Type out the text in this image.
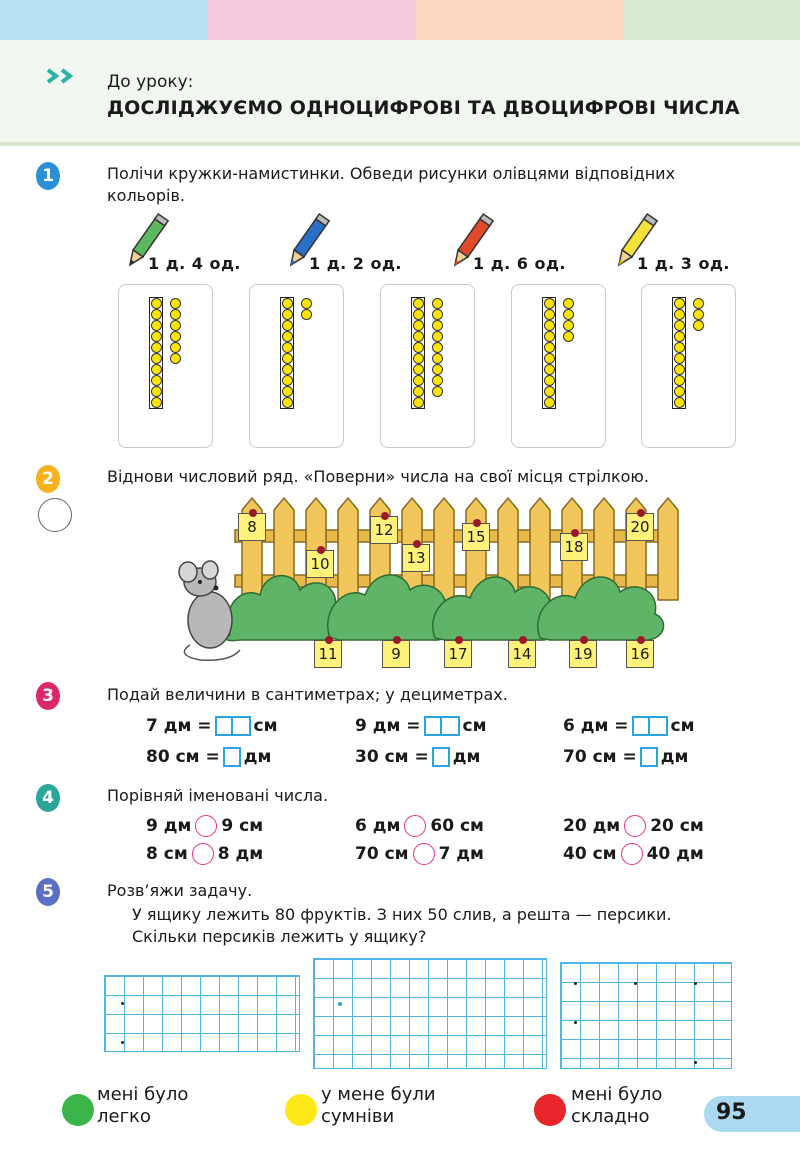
До уроку:
ДОСЛІДЖУЄМО ОДНОЦИФРОВІ ТА ДВОЦИФРОВІ ЧИСЛА
1	Полічи кружки-намистинки. Обведи рисунки олівцями відповідних
кольорів.
1 д. 4 од.	1 д. 2 од.	1 д. 6 од.	1 д. 3 од.
2	Віднови числовий ряд. «Поверни» числа на свої місця стрілкою.
8
10
12
13
15
18
20
11	9	17	14	19	16
3	Подай величини в сантиметрах; у дециметрах.
7 дм = см	9 дм = см	6 дм = см
80 см = дм	30 см = дм	70 см = дм
4	Порівняй іменовані числа.
9 дм 9 см	6 дм 60 см	20 дм 20 см
8 см 8 дм	70 см 7 дм	40 см 40 дм
5	Розв’яжи задачу.
У ящику лежить 80 фруктів. З них 50 слив, а решта — персики.
Скільки персиків лежить у ящику?
мені було
легко
у мене були
сумніви
мені було
складно	95
